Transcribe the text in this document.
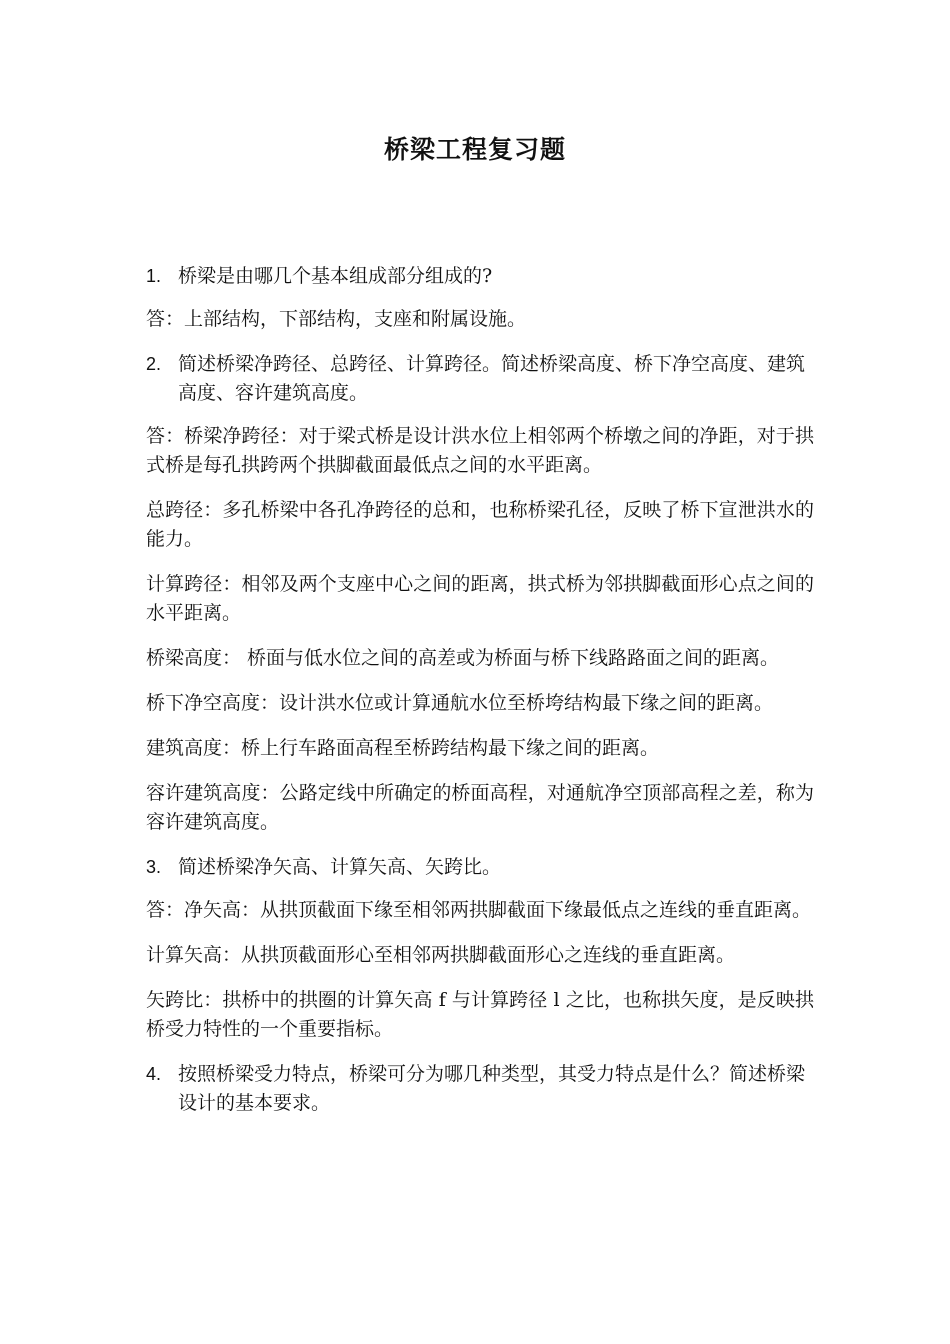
桥梁工程复习题
1. 桥梁是由哪几个基本组成部分组成的?

答：上部结构，下部结构，支座和附属设施。

2. 简述桥梁净跨径、总跨径、计算跨径。简述桥梁高度、桥下净空高度、建筑高度、容许建筑高度。

答：桥梁净跨径：对于梁式桥是设计洪水位上相邻两个桥墩之间的净距，对于拱式桥是每孔拱跨两个拱脚截面最低点之间的水平距离。

总跨径：多孔桥梁中各孔净跨径的总和，也称桥梁孔径，反映了桥下宣泄洪水的能力。

计算跨径：相邻及两个支座中心之间的距离，拱式桥为邻拱脚截面形心点之间的水平距离。

桥梁高度： 桥面与低水位之间的高差或为桥面与桥下线路路面之间的距离。

桥下净空高度：设计洪水位或计算通航水位至桥垮结构最下缘之间的距离。

建筑高度：桥上行车路面高程至桥跨结构最下缘之间的距离。

容许建筑高度：公路定线中所确定的桥面高程，对通航净空顶部高程之差，称为容许建筑高度。

3. 简述桥梁净矢高、计算矢高、矢跨比。

答：净矢高：从拱顶截面下缘至相邻两拱脚截面下缘最低点之连线的垂直距离。

计算矢高：从拱顶截面形心至相邻两拱脚截面形心之连线的垂直距离。

矢跨比：拱桥中的拱圈的计算矢高 f 与计算跨径 l 之比，也称拱矢度，是反映拱桥受力特性的一个重要指标。

4. 按照桥梁受力特点，桥梁可分为哪几种类型，其受力特点是什么？简述桥梁设计的基本要求。
